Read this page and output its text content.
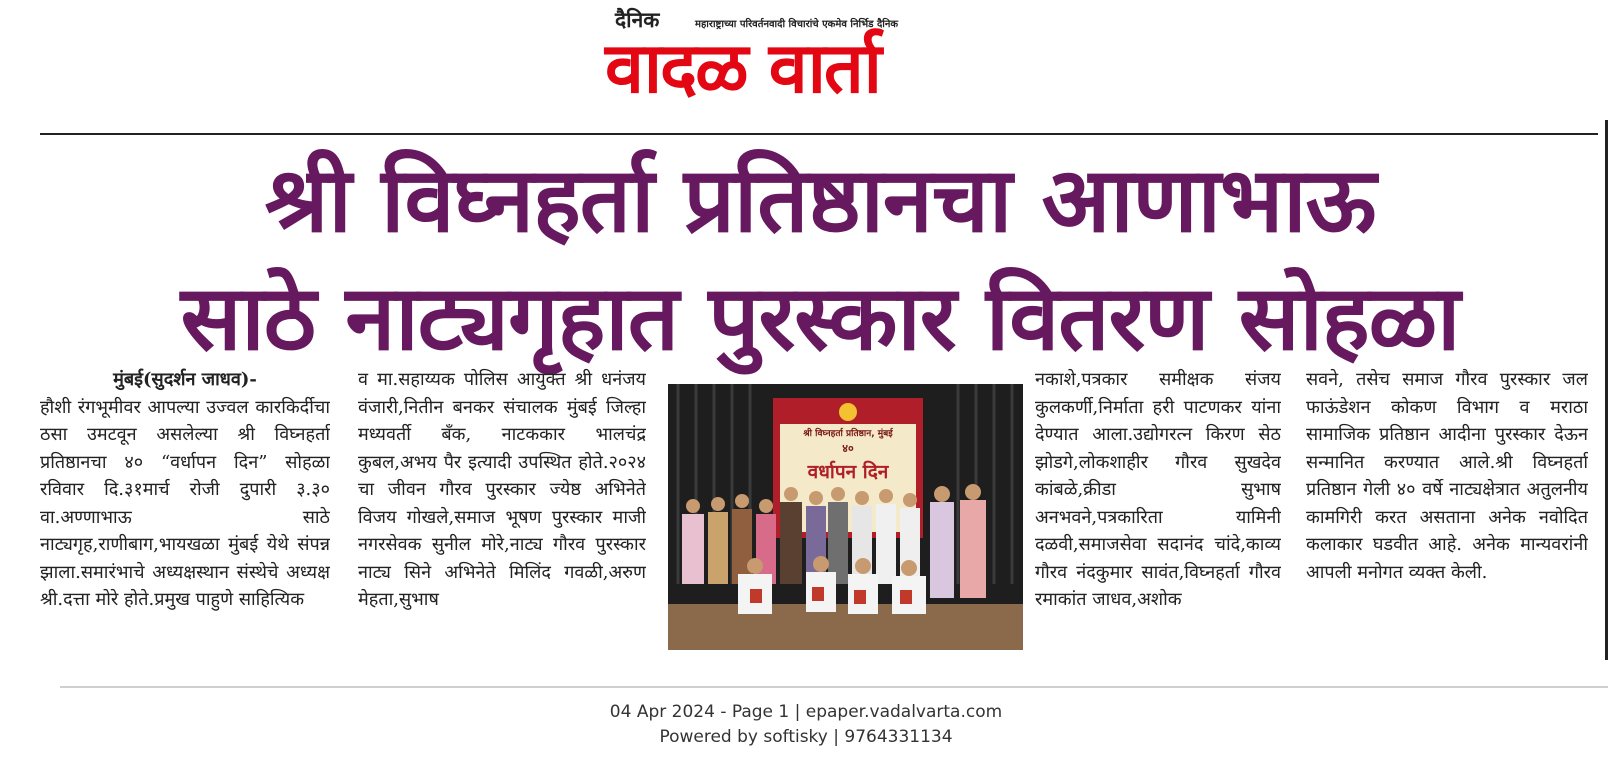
दैनिक	महाराष्ट्राच्या परिवर्तनवादी विचारांचे एकमेव निर्भिड दैनिक
वादळ वार्ता
श्री विघ्नहर्ता प्रतिष्ठानचा आणाभाऊ
साठे नाट्यगृहात पुरस्कार वितरण सोहळा
मुंबई(सुदर्शन जाधव)-
हौशी रंगभूमीवर आपल्या उज्वल कारकिर्दीचा ठसा उमटवून असलेल्या श्री विघ्नहर्ता प्रतिष्ठानचा ४० “वर्धापन दिन” सोहळा रविवार दि.३१मार्च रोजी दुपारी ३.३० वा.अण्णाभाऊ साठे नाट्यगृह,राणीबाग,भायखळा मुंबई येथे संपन्न झाला.समारंभाचे अध्यक्षस्थान संस्थेचे अध्यक्ष श्री.दत्ता मोरे होते.प्रमुख पाहुणे साहित्यिक
व मा.सहाय्यक पोलिस आयुक्त श्री धनंजय वंजारी,नितीन बनकर संचालक मुंबई जिल्हा मध्यवर्ती बँक, नाटककार भालचंद्र कुबल,अभय पैर इत्यादी उपस्थित होते.२०२४ चा जीवन गौरव पुरस्कार ज्येष्ठ अभिनेते विजय गोखले,समाज भूषण पुरस्कार माजी नगरसेवक सुनील मोरे,नाट्य गौरव पुरस्कार नाट्य सिने अभिनेते मिलिंद गवळी,अरुण मेहता,सुभाष
श्री विघ्नहर्ता प्रतिष्ठान, मुंबई
४०
वर्धापन दिन
नकाशे,पत्रकार समीक्षक संजय कुलकर्णी,निर्माता हरी पाटणकर यांना देण्यात आला.उद्योगरत्न किरण सेठ झोडगे,लोकशाहीर गौरव सुखदेव कांबळे,क्रीडा सुभाष अनभवने,पत्रकारिता यामिनी दळवी,समाजसेवा सदानंद चांदे,काव्य गौरव नंदकुमार सावंत,विघ्नहर्ता गौरव रमाकांत जाधव,अशोक
सवने, तसेच समाज गौरव पुरस्कार जल फाऊंडेशन कोकण विभाग व मराठा सामाजिक प्रतिष्ठान आदीना पुरस्कार देऊन सन्मानित करण्यात आले.श्री विघ्नहर्ता प्रतिष्ठान गेली ४० वर्षे नाट्यक्षेत्रात अतुलनीय कामगिरी करत असताना अनेक नवोदित कलाकार घडवीत आहे. अनेक मान्यवरांनी आपली मनोगत व्यक्त केली.
04 Apr 2024 - Page 1 | epaper.vadalvarta.com
Powered by softisky | 9764331134
